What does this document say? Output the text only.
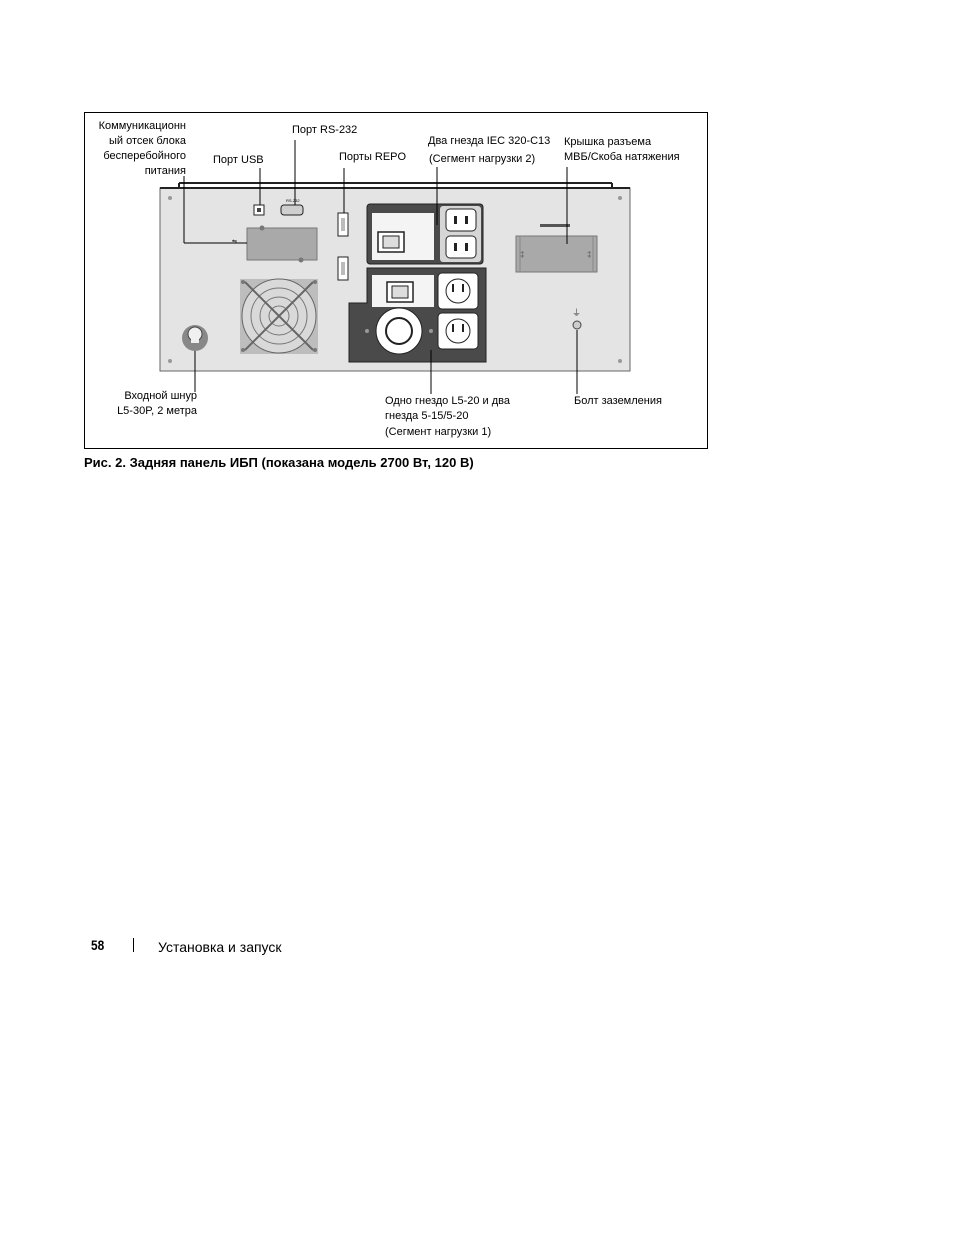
⇋
RS-232
‡	‡
⏚
Коммуникационн
ый отсек блока
бесперебойного
питания
Порт USB
Порт RS-232
Порты REPO
Два гнезда IEC 320-C13
(Сегмент нагрузки 2)
Крышка разъема
МВБ/Скоба натяжения
Входной шнур
L5-30P, 2 метра
Одно гнездо L5-20 и два
гнезда 5-15/5-20
(Сегмент нагрузки 1)
Болт заземления
Рис. 2. Задняя панель ИБП (показана модель 2700 Вт, 120 В)
58	Установка и запуск
